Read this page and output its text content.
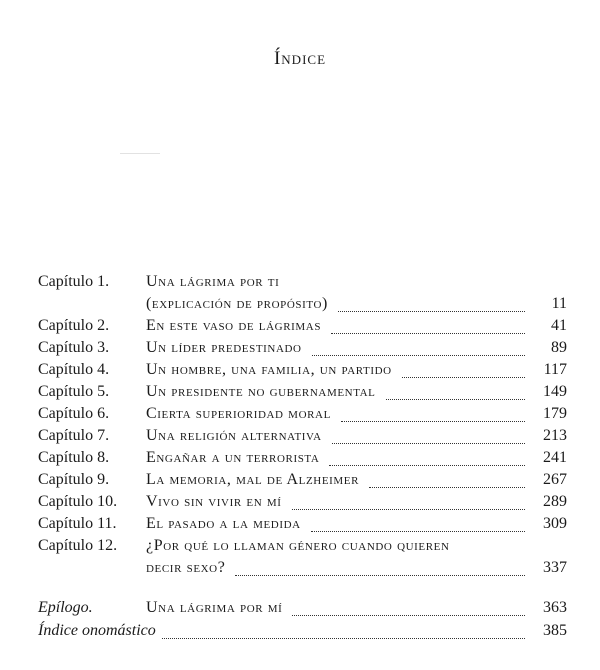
Índice
Capítulo 1. Una lágrima por ti
(explicación de propósito)	11
Capítulo 2. En este vaso de lágrimas	41
Capítulo 3. Un líder predestinado	89
Capítulo 4. Un hombre, una familia, un partido	117
Capítulo 5. Un presidente no gubernamental	149
Capítulo 6. Cierta superioridad moral	179
Capítulo 7. Una religión alternativa	213
Capítulo 8. Engañar a un terrorista	241
Capítulo 9. La memoria, mal de Alzheimer	267
Capítulo 10. Vivo sin vivir en mí	289
Capítulo 11. El pasado a la medida	309
Capítulo 12. ¿Por qué lo llaman género cuando quieren
decir sexo?	337
Epílogo.	Una lágrima por mí	363
Índice onomástico	385
